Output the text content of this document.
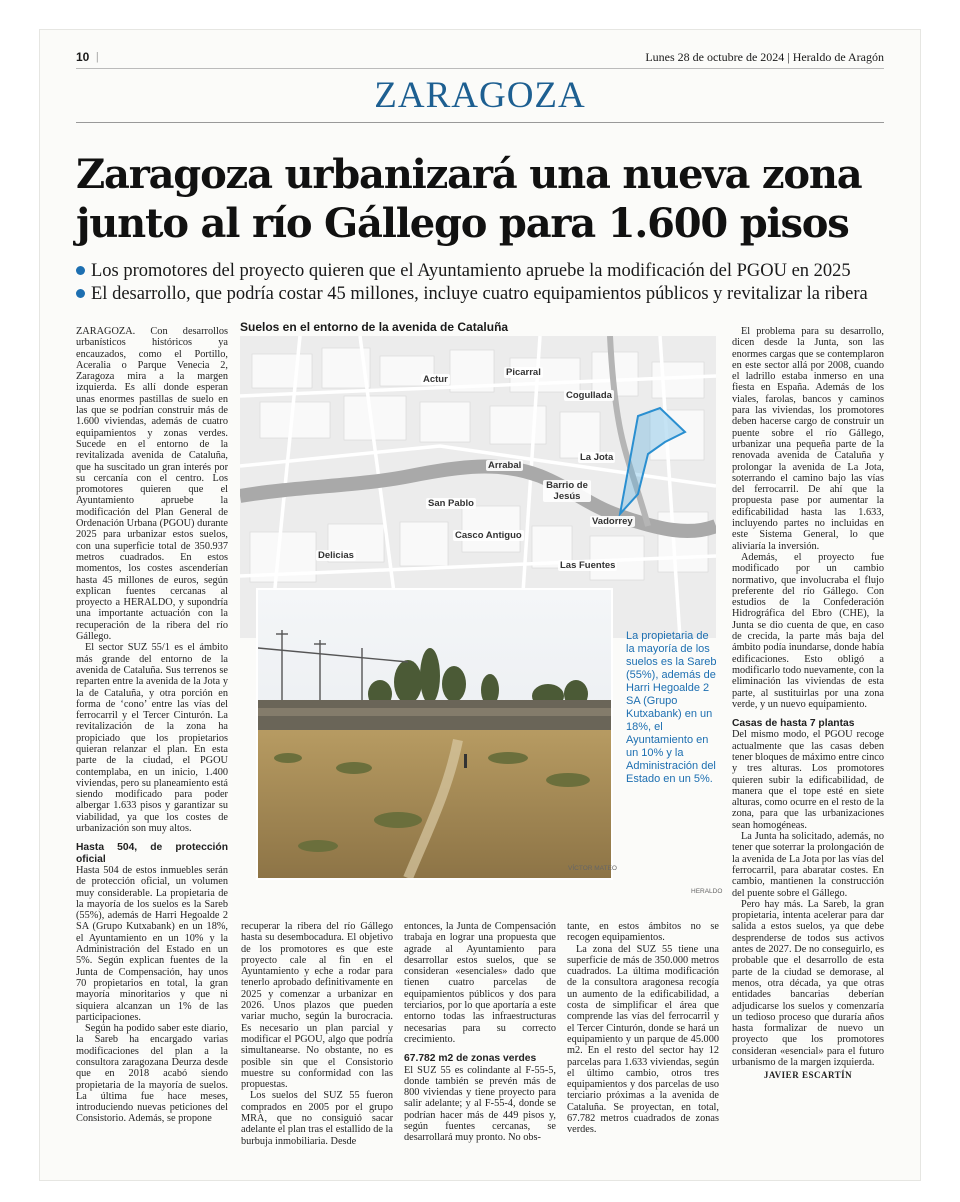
10 |	Lunes 28 de octubre de 2024 | Heraldo de Aragón
ZARAGOZA
Zaragoza urbanizará una nueva zona junto al río Gállego para 1.600 pisos
Los promotores del proyecto quieren que el Ayuntamiento apruebe la modificación del PGOU en 2025
El desarrollo, que podría costar 45 millones, incluye cuatro equipamientos públicos y revitalizar la ribera

ZARAGOZA. Con desarrollos urbanísticos históricos ya encauzados, como el Portillo, Aceralia o Parque Venecia 2, Zaragoza mira a la margen izquierda. Es allí donde esperan unas enormes pastillas de suelo en las que se podrían construir más de 1.600 viviendas, además de cuatro equipamientos y zonas verdes. Sucede en el entorno de la revitalizada avenida de Cataluña, que ha suscitado un gran interés por su cercanía con el centro. Los promotores quieren que el Ayuntamiento apruebe la modificación del Plan General de Ordenación Urbana (PGOU) durante 2025 para urbanizar estos suelos, con una superficie total de 350.937 metros cuadrados. En estos momentos, los costes ascenderían hasta 45 millones de euros, según explican fuentes cercanas al proyecto a HERALDO, y supondría una importante actuación con la recuperación de la ribera del río Gállego.

El sector SUZ 55/1 es el ámbito más grande del entorno de la avenida de Cataluña. Sus terrenos se reparten entre la avenida de la Jota y la de Cataluña, y otra porción en forma de ‘cono’ entre las vías del ferrocarril y el Tercer Cinturón. La revitalización de la zona ha propiciado que los propietarios quieran relanzar el plan. En esta parte de la ciudad, el PGOU contemplaba, en un inicio, 1.400 viviendas, pero su planeamiento está siendo modificado para poder albergar 1.633 pisos y garantizar su viabilidad, ya que los costes de urbanización son muy altos.

Hasta 504, de protección oficial

Hasta 504 de estos inmuebles serán de protección oficial, un volumen muy considerable. La propietaria de la mayoría de los suelos es la Sareb (55%), además de Harri Hegoalde 2 SA (Grupo Kutxabank) en un 18%, el Ayuntamiento en un 10% y la Administración del Estado en un 5%. Según explican fuentes de la Junta de Compensación, hay unos 70 propietarios en total, la gran mayoría minoritarios y que ni siquiera alcanzan un 1% de las participaciones.

Según ha podido saber este diario, la Sareb ha encargado varias modificaciones del plan a la consultora zaragozana Deurza desde que en 2018 acabó siendo propietaria de la mayoría de suelos. La última fue hace meses, introduciendo nuevas peticiones del Consistorio. Además, se propone

Suelos en el entorno de la avenida de Cataluña
Actur
Picarral
Cogullada
La Jota
Arrabal
Barrio de Jesús
San Pablo
Vadorrey
Casco Antiguo
Delicias
Las Fuentes
VÍCTOR MATEO
HERALDO
La propietaria de la mayoría de los suelos es la Sareb (55%), además de Harri Hegoalde 2 SA (Grupo Kutxabank) en un 18%, el Ayuntamiento en un 10% y la Administración del Estado en un 5%.

recuperar la ribera del río Gállego hasta su desembocadura. El objetivo de los promotores es que este proyecto cale al fin en el Ayuntamiento y eche a rodar para tenerlo aprobado definitivamente en 2025 y comenzar a urbanizar en 2026. Unos plazos que pueden variar mucho, según la burocracia. Es necesario un plan parcial y modificar el PGOU, algo que podría simultanearse. No obstante, no es posible sin que el Consistorio muestre su conformidad con las propuestas.

Los suelos del SUZ 55 fueron comprados en 2005 por el grupo MRA, que no consiguió sacar adelante el plan tras el estallido de la burbuja inmobiliaria. Desde

entonces, la Junta de Compensación trabaja en lograr una propuesta que agrade al Ayuntamiento para desarrollar estos suelos, que se consideran «esenciales» dado que tienen cuatro parcelas de equipamientos públicos y dos para terciarios, por lo que aportaría a este entorno todas las infraestructuras necesarias para su correcto crecimiento.

67.782 m2 de zonas verdes

El SUZ 55 es colindante al F-55-5, donde también se prevén más de 800 viviendas y tiene proyecto para salir adelante; y al F-55-4, donde se podrían hacer más de 449 pisos y, según fuentes cercanas, se desarrollará muy pronto. No obs-

tante, en estos ámbitos no se recogen equipamientos.

La zona del SUZ 55 tiene una superficie de más de 350.000 metros cuadrados. La última modificación de la consultora aragonesa recogía un aumento de la edificabilidad, a costa de simplificar el área que comprende las vías del ferrocarril y el Tercer Cinturón, donde se hará un equipamiento y un parque de 45.000 m2. En el resto del sector hay 12 parcelas para 1.633 viviendas, según el último cambio, otros tres equipamientos y dos parcelas de uso terciario próximas a la avenida de Cataluña. Se proyectan, en total, 67.782 metros cuadrados de zonas verdes.

El problema para su desarrollo, dicen desde la Junta, son las enormes cargas que se contemplaron en este sector allá por 2008, cuando el ladrillo estaba inmerso en una fiesta en España. Además de los viales, farolas, bancos y caminos para las viviendas, los promotores deben hacerse cargo de construir un puente sobre el río Gállego, urbanizar una pequeña parte de la renovada avenida de Cataluña y prolongar la avenida de La Jota, soterrando el camino bajo las vías del ferrocarril. De ahí que la propuesta pase por aumentar la edificabilidad hasta las 1.633, incluyendo partes no incluidas en este Sistema General, lo que aliviaría la inversión.

Además, el proyecto fue modificado por un cambio normativo, que involucraba el flujo preferente del río Gállego. Con estudios de la Confederación Hidrográfica del Ebro (CHE), la Junta se dio cuenta de que, en caso de crecida, la parte más baja del ámbito podía inundarse, donde había edificaciones. Esto obligó a modificarlo todo nuevamente, con la eliminación las viviendas de esta parte, al sustituirlas por una zona verde, y un nuevo equipamiento.

Casas de hasta 7 plantas

Del mismo modo, el PGOU recoge actualmente que las casas deben tener bloques de máximo entre cinco y tres alturas. Los promotores quieren subir la edificabilidad, de manera que el tope esté en siete alturas, como ocurre en el resto de la zona, para que las urbanizaciones sean homogéneas.

La Junta ha solicitado, además, no tener que soterrar la prolongación de la avenida de La Jota por las vías del ferrocarril, para abaratar costes. En cambio, mantienen la construcción del puente sobre el Gállego.

Pero hay más. La Sareb, la gran propietaria, intenta acelerar para dar salida a estos suelos, ya que debe desprenderse de todos sus activos antes de 2027. De no conseguirlo, es probable que el desarrollo de esta parte de la ciudad se demorase, al menos, otra década, ya que otras entidades bancarias deberían adjudicarse los suelos y comenzaría un tedioso proceso que duraría años hasta formalizar de nuevo un proyecto que los promotores consideran «esencial» para el futuro urbanismo de la margen izquierda.

JAVIER ESCARTÍN
